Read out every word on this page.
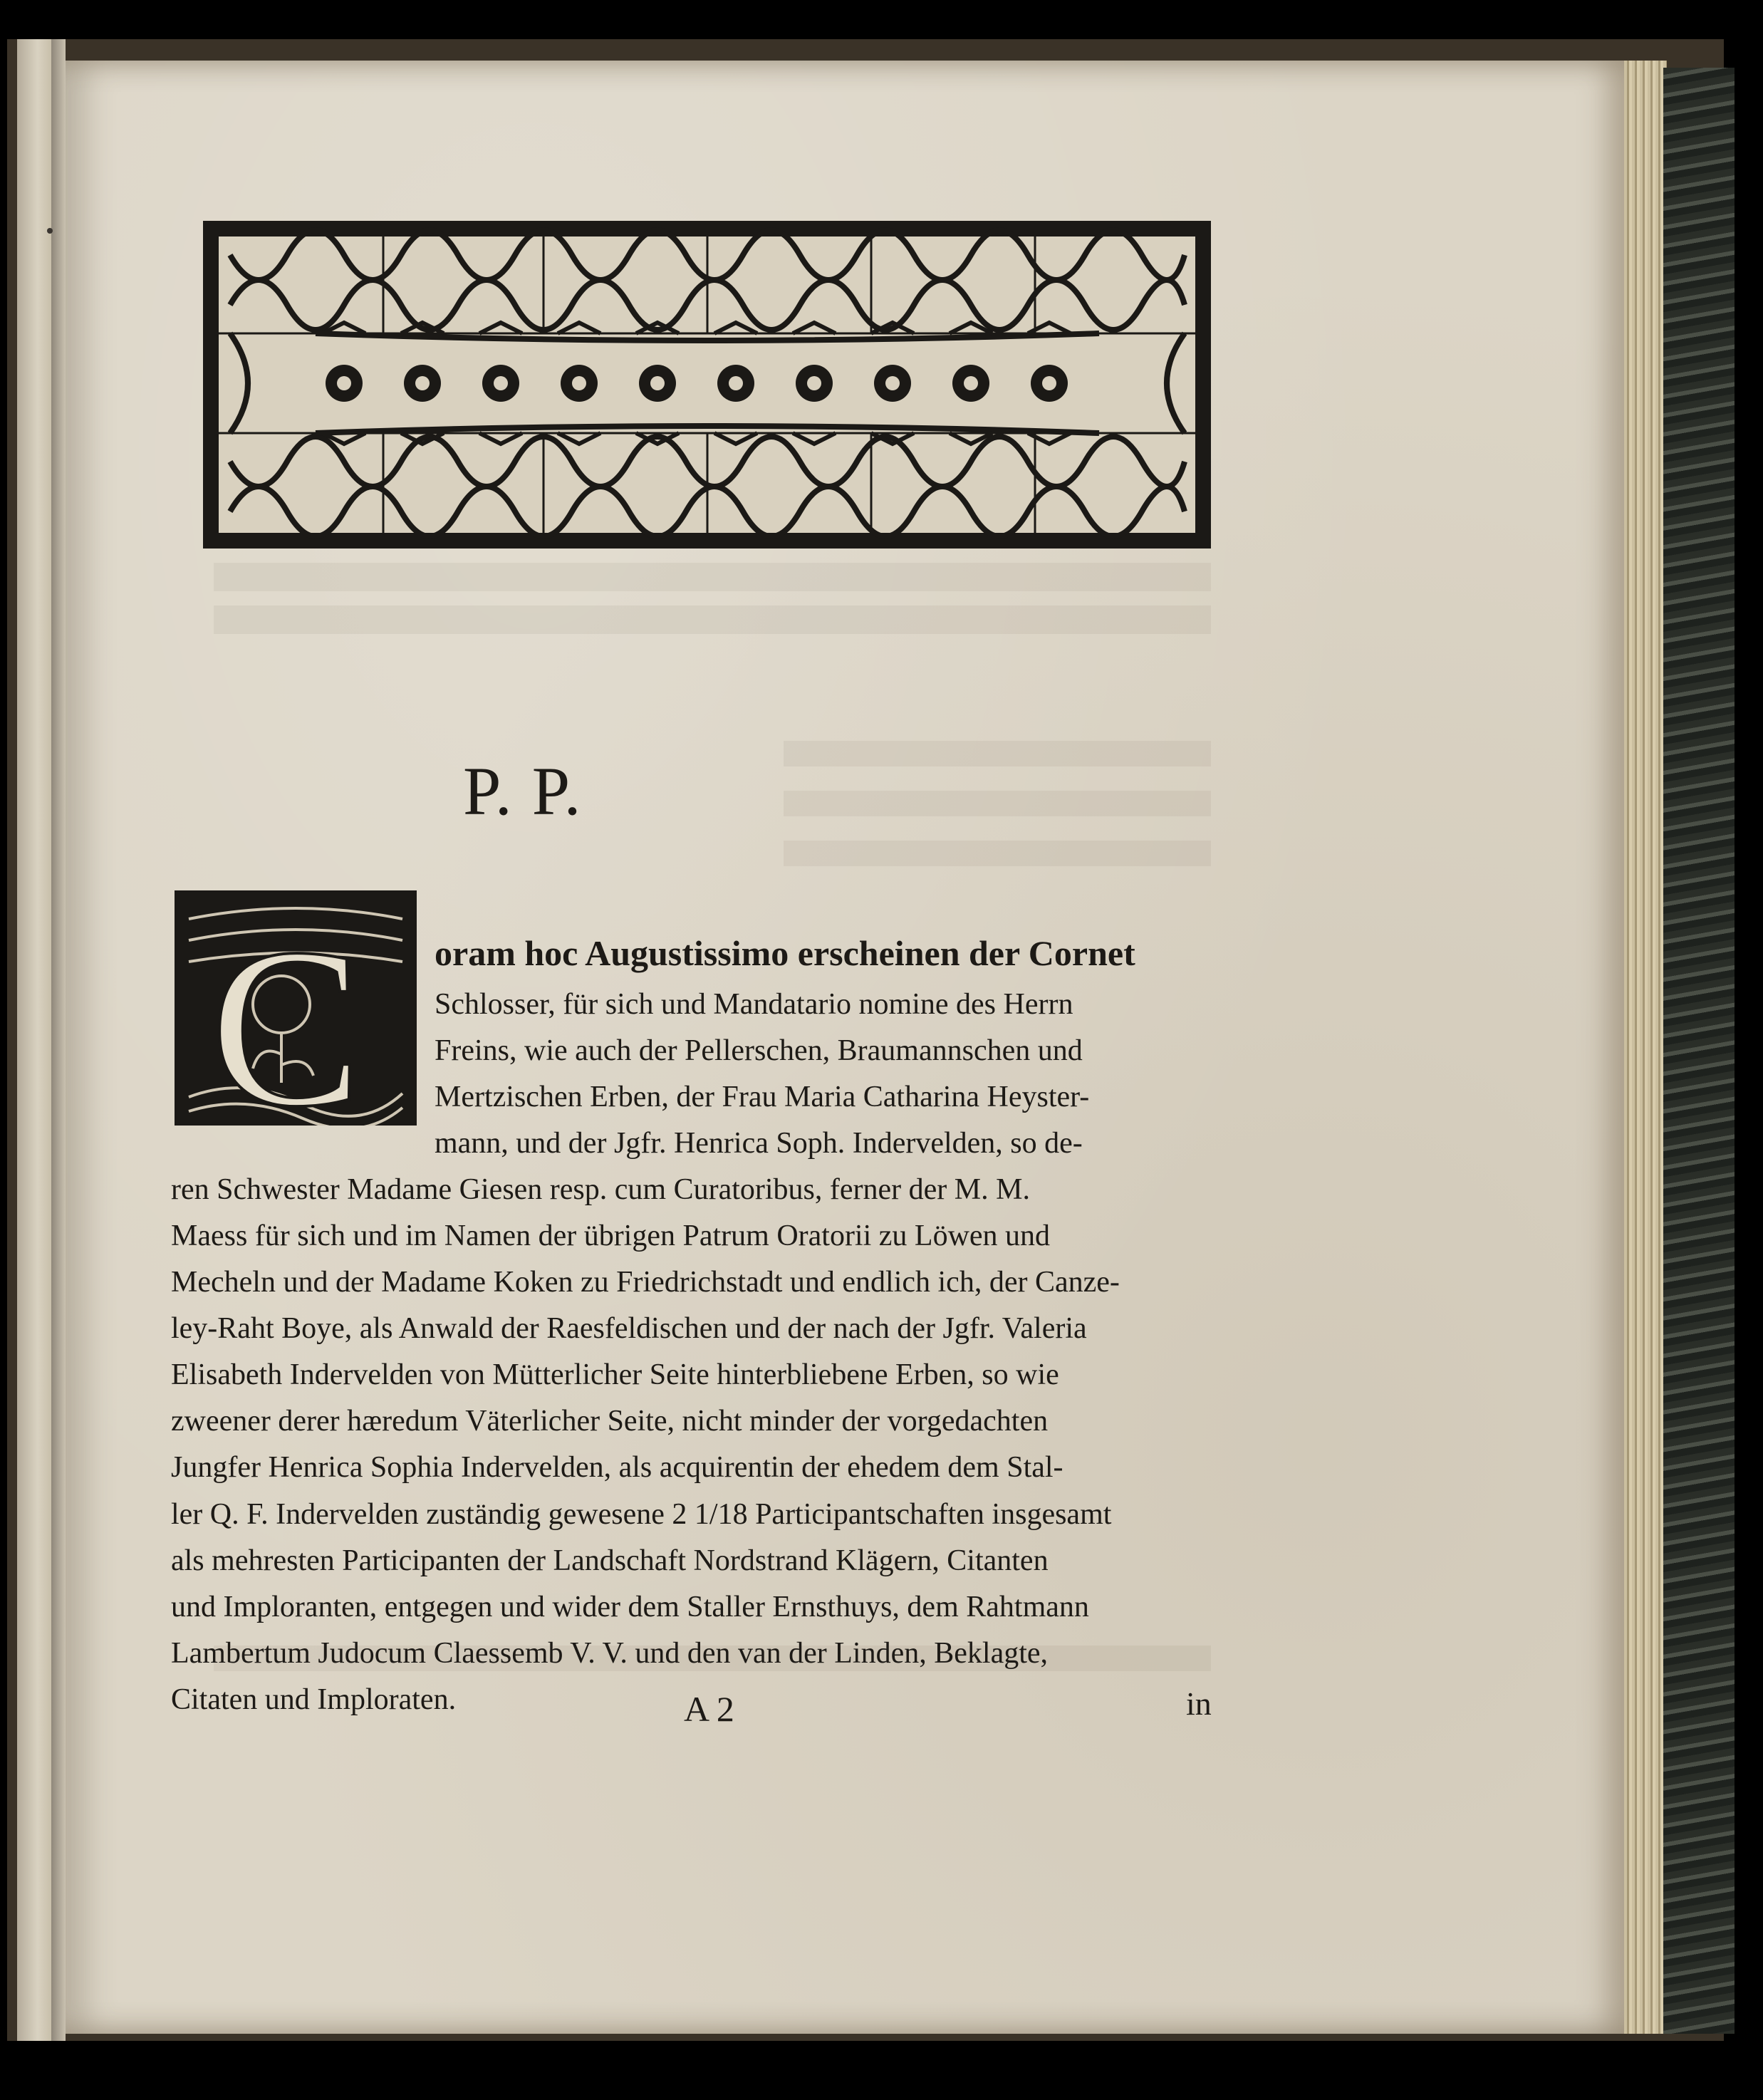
P. P.
C oram hoc Augustissimo erscheinen der Cornet

Schlosser, für sich und Mandatario nomine des Herrn

Freins, wie auch der Pellerschen, Braumannschen und

Mertzischen Erben, der Frau Maria Catharina Heyster-

mann, und der Jgfr. Henrica Soph. Indervelden, so de-

ren Schwester Madame Giesen resp. cum Curatoribus, ferner der M. M.

Maess für sich und im Namen der übrigen Patrum Oratorii zu Löwen und

Mecheln und der Madame Koken zu Friedrichstadt und endlich ich, der Canze-

ley-Raht Boye, als Anwald der Raesfeldischen und der nach der Jgfr. Valeria

Elisabeth Indervelden von Mütterlicher Seite hinterbliebene Erben, so wie

zweener derer hæredum Väterlicher Seite, nicht minder der vorgedachten

Jungfer Henrica Sophia Indervelden, als acquirentin der ehedem dem Stal-

ler Q. F. Indervelden zuständig gewesene 2 1/18 Participantschaften insgesamt

als mehresten Participanten der Landschaft Nordstrand Klägern, Citanten

und Imploranten, entgegen und wider dem Staller Ernsthuys, dem Rahtmann

Lambertum Judocum Claessemb V. V. und den van der Linden, Beklagte,

Citaten und Imploraten.	A 2	in
